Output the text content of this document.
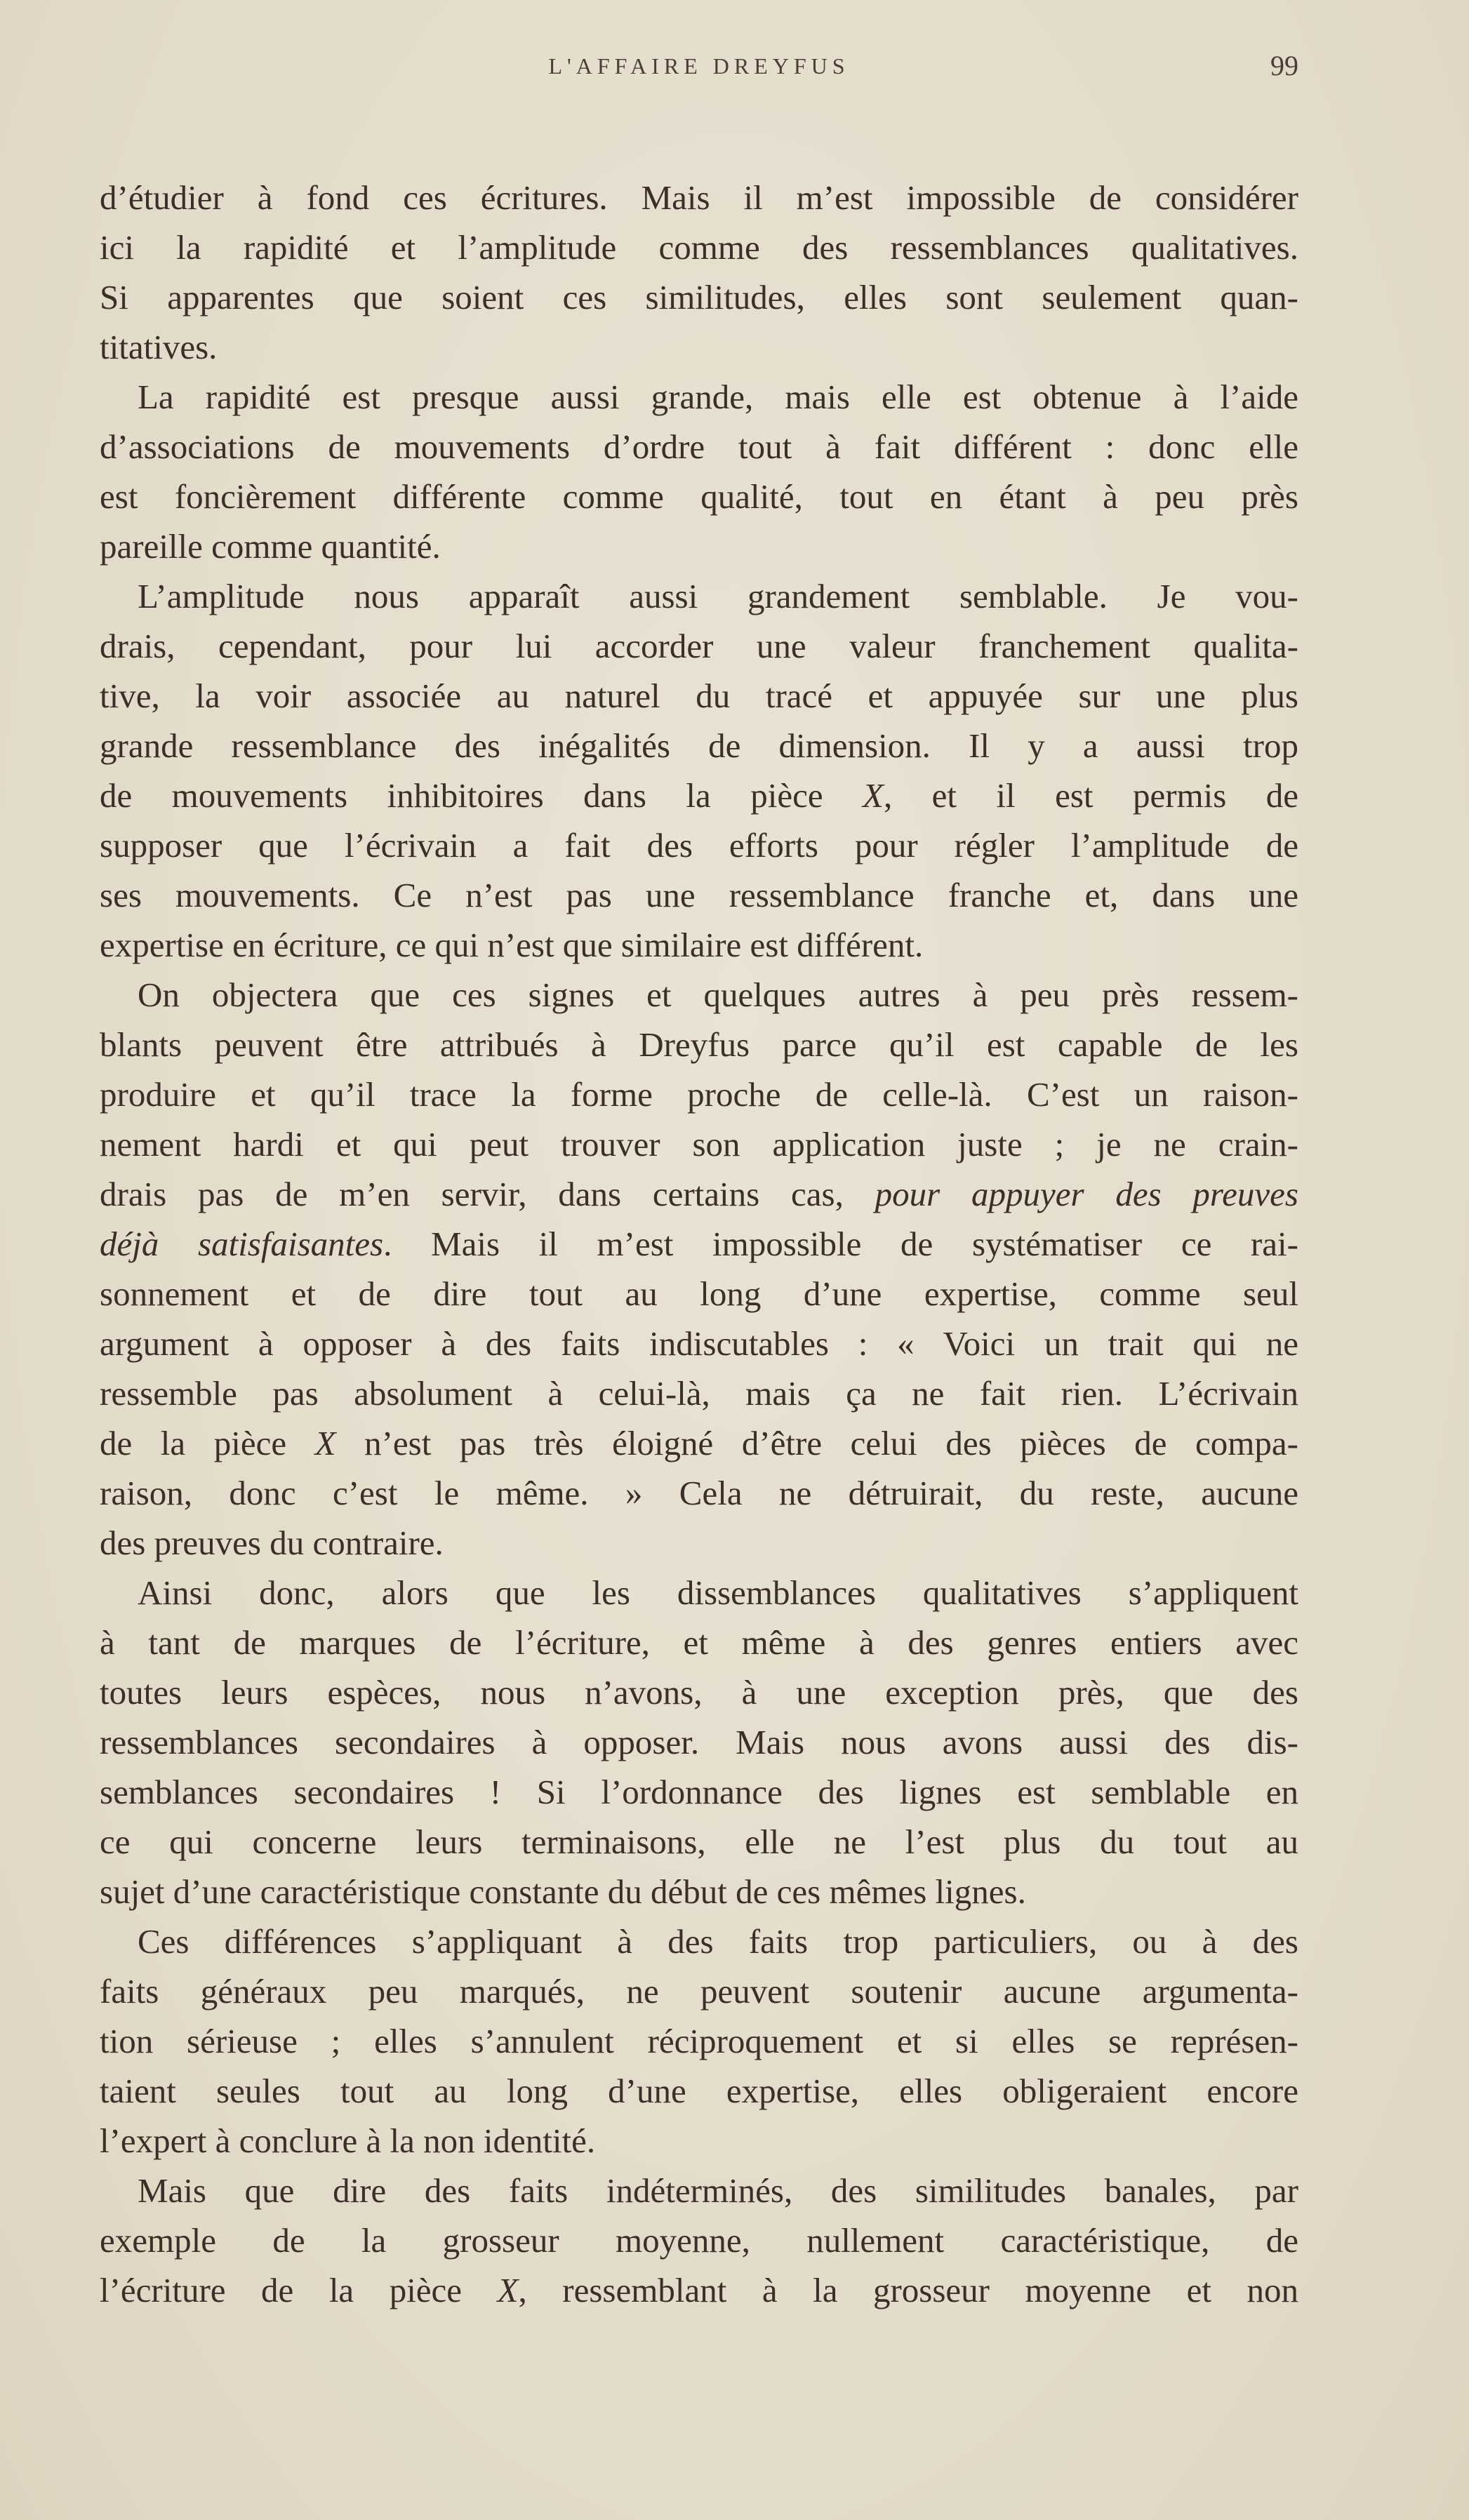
L'AFFAIRE DREYFUS	99
d’étudier à fond ces écritures. Mais il m’est impossible de considérer
ici la rapidité et l’amplitude comme des ressemblances qualitatives.
Si apparentes que soient ces similitudes, elles sont seulement quan-
titatives.
La rapidité est presque aussi grande, mais elle est obtenue à l’aide
d’associations de mouvements d’ordre tout à fait différent : donc elle
est foncièrement différente comme qualité, tout en étant à peu près
pareille comme quantité.
L’amplitude nous apparaît aussi grandement semblable. Je vou-
drais, cependant, pour lui accorder une valeur franchement qualita-
tive, la voir associée au naturel du tracé et appuyée sur une plus
grande ressemblance des inégalités de dimension. Il y a aussi trop
de mouvements inhibitoires dans la pièce X, et il est permis de
supposer que l’écrivain a fait des efforts pour régler l’amplitude de
ses mouvements. Ce n’est pas une ressemblance franche et, dans une
expertise en écriture, ce qui n’est que similaire est différent.
On objectera que ces signes et quelques autres à peu près ressem-
blants peuvent être attribués à Dreyfus parce qu’il est capable de les
produire et qu’il trace la forme proche de celle-là. C’est un raison-
nement hardi et qui peut trouver son application juste ; je ne crain-
drais pas de m’en servir, dans certains cas, pour appuyer des preuves
déjà satisfaisantes. Mais il m’est impossible de systématiser ce rai-
sonnement et de dire tout au long d’une expertise, comme seul
argument à opposer à des faits indiscutables : « Voici un trait qui ne
ressemble pas absolument à celui-là, mais ça ne fait rien. L’écrivain
de la pièce X n’est pas très éloigné d’être celui des pièces de compa-
raison, donc c’est le même. » Cela ne détruirait, du reste, aucune
des preuves du contraire.
Ainsi donc, alors que les dissemblances qualitatives s’appliquent
à tant de marques de l’écriture, et même à des genres entiers avec
toutes leurs espèces, nous n’avons, à une exception près, que des
ressemblances secondaires à opposer. Mais nous avons aussi des dis-
semblances secondaires ! Si l’ordonnance des lignes est semblable en
ce qui concerne leurs terminaisons, elle ne l’est plus du tout au
sujet d’une caractéristique constante du début de ces mêmes lignes.
Ces différences s’appliquant à des faits trop particuliers, ou à des
faits généraux peu marqués, ne peuvent soutenir aucune argumenta-
tion sérieuse ; elles s’annulent réciproquement et si elles se représen-
taient seules tout au long d’une expertise, elles obligeraient encore
l’expert à conclure à la non identité.
Mais que dire des faits indéterminés, des similitudes banales, par
exemple de la grosseur moyenne, nullement caractéristique, de
l’écriture de la pièce X, ressemblant à la grosseur moyenne et non
